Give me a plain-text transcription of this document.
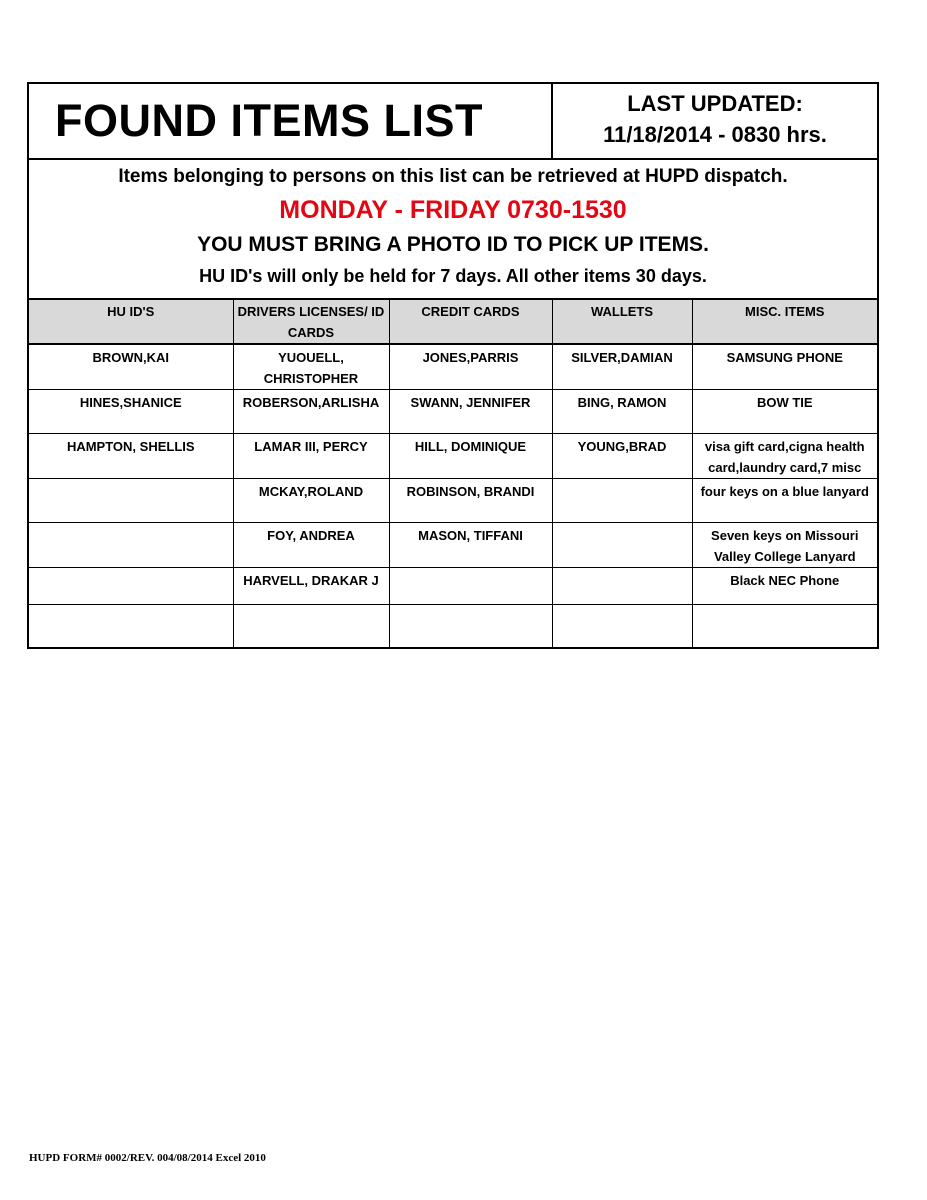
FOUND ITEMS LIST	LAST UPDATED:
11/18/2014 - 0830 hrs.
Items belonging to persons on this list can be retrieved at HUPD dispatch.
MONDAY - FRIDAY 0730-1530
YOU MUST BRING A PHOTO ID TO PICK UP ITEMS.
HU ID's will only be held for 7 days. All other items 30 days.
HU ID'S	DRIVERS LICENSES/ ID CARDS	CREDIT CARDS	WALLETS	MISC. ITEMS
BROWN,KAI	YUOUELL, CHRISTOPHER	JONES,PARRIS	SILVER,DAMIAN	SAMSUNG PHONE
HINES,SHANICE	ROBERSON,ARLISHA	SWANN, JENNIFER	BING, RAMON	BOW TIE
HAMPTON, SHELLIS	LAMAR III, PERCY	HILL, DOMINIQUE	YOUNG,BRAD	visa gift card,cigna health card,laundry card,7 misc
	MCKAY,ROLAND	ROBINSON, BRANDI		four keys on a blue lanyard
	FOY, ANDREA	MASON, TIFFANI		Seven keys on Missouri Valley College Lanyard
	HARVELL, DRAKAR J			Black NEC Phone

HUPD FORM# 0002/REV. 004/08/2014 Excel 2010
